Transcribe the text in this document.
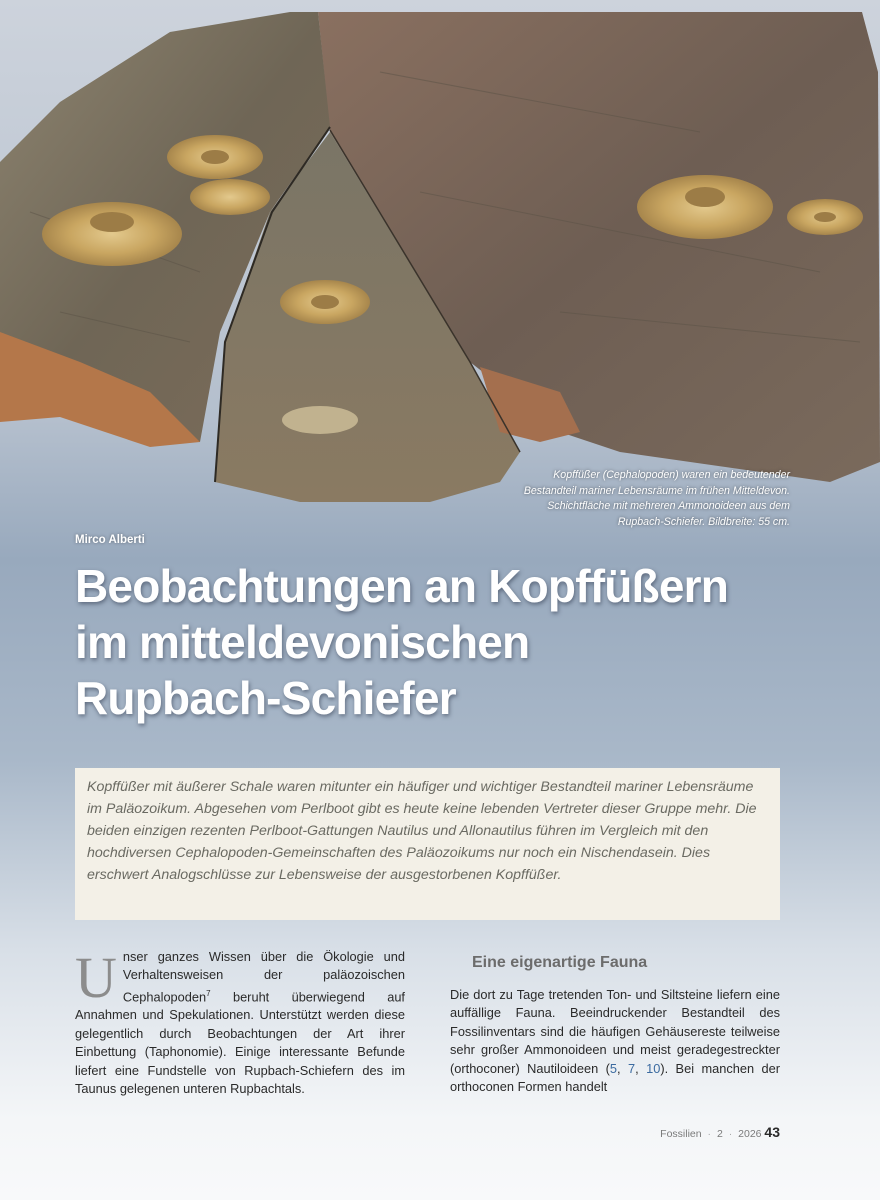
Kopffüßer (Cephalopoden) waren ein bedeutender Bestandteil mariner Lebensräume im frühen Mitteldevon. Schichtfläche mit mehreren Ammonoideen aus dem Rupbach-Schiefer. Bildbreite: 55 cm.
Mirco Alberti
Beobachtungen an Kopffüßern
im mitteldevonischen
Rupbach-Schiefer
Kopffüßer mit äußerer Schale waren mitunter ein häufiger und wichtiger Bestandteil mariner Lebensräume im Paläozoikum. Abgesehen vom Perlboot gibt es heute keine lebenden Vertreter dieser Gruppe mehr. Die beiden einzigen rezenten Perlboot-Gattungen Nautilus und Allonautilus führen im Vergleich mit den hochdiversen Cephalopoden-Gemeinschaften des Paläozoikums nur noch ein Nischendasein. Dies erschwert Analogschlüsse zur Lebensweise der ausgestorbenen Kopffüßer.
Unser ganzes Wissen über die Ökologie und Verhaltensweisen der paläozoischen Cephalopoden$^7$ beruht überwiegend auf Annahmen und Spekulationen. Unterstützt werden diese gelegentlich durch Beobachtungen der Art ihrer Einbettung (Taphonomie). Einige interessante Befunde liefert eine Fundstelle von Rupbach-Schiefern des im Taunus gelegenen unteren Rupbachtals.
Eine eigenartige Fauna
Die dort zu Tage tretenden Ton- und Siltsteine liefern eine auffällige Fauna. Beeindruckender Bestandteil des Fossilinventars sind die häufigen Gehäusereste teilweise sehr großer Ammonoideen und meist geradegestreckter (orthoconer) Nautiloideen (5, 7, 10). Bei manchen der orthoconen Formen handelt
Fossilien · 2 · 2026 43
